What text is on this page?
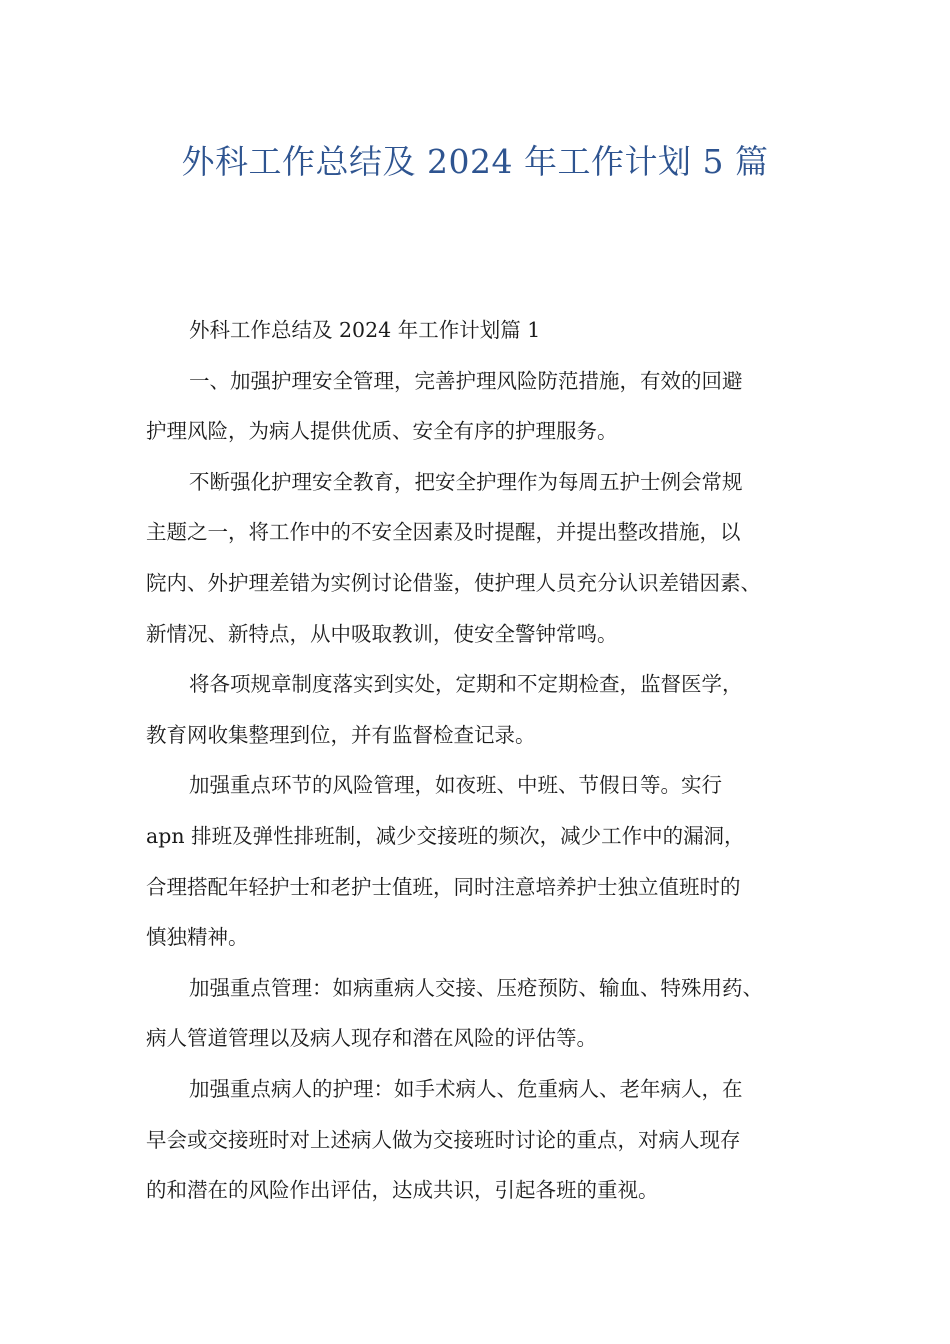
外科工作总结及 2024 年工作计划 5 篇
外科工作总结及 2024 年工作计划篇 1
一、加强护理安全管理，完善护理风险防范措施，有效的回避
护理风险，为病人提供优质、安全有序的护理服务。
不断强化护理安全教育，把安全护理作为每周五护士例会常规
主题之一，将工作中的不安全因素及时提醒，并提出整改措施，以
院内、外护理差错为实例讨论借鉴，使护理人员充分认识差错因素、
新情况、新特点，从中吸取教训，使安全警钟常鸣。
将各项规章制度落实到实处，定期和不定期检查，监督医学，
教育网收集整理到位，并有监督检查记录。
加强重点环节的风险管理，如夜班、中班、节假日等。实行
apn 排班及弹性排班制，减少交接班的频次，减少工作中的漏洞，
合理搭配年轻护士和老护士值班，同时注意培养护士独立值班时的
慎独精神。
加强重点管理：如病重病人交接、压疮预防、输血、特殊用药、
病人管道管理以及病人现存和潜在风险的评估等。
加强重点病人的护理：如手术病人、危重病人、老年病人，在
早会或交接班时对上述病人做为交接班时讨论的重点，对病人现存
的和潜在的风险作出评估，达成共识，引起各班的重视。
